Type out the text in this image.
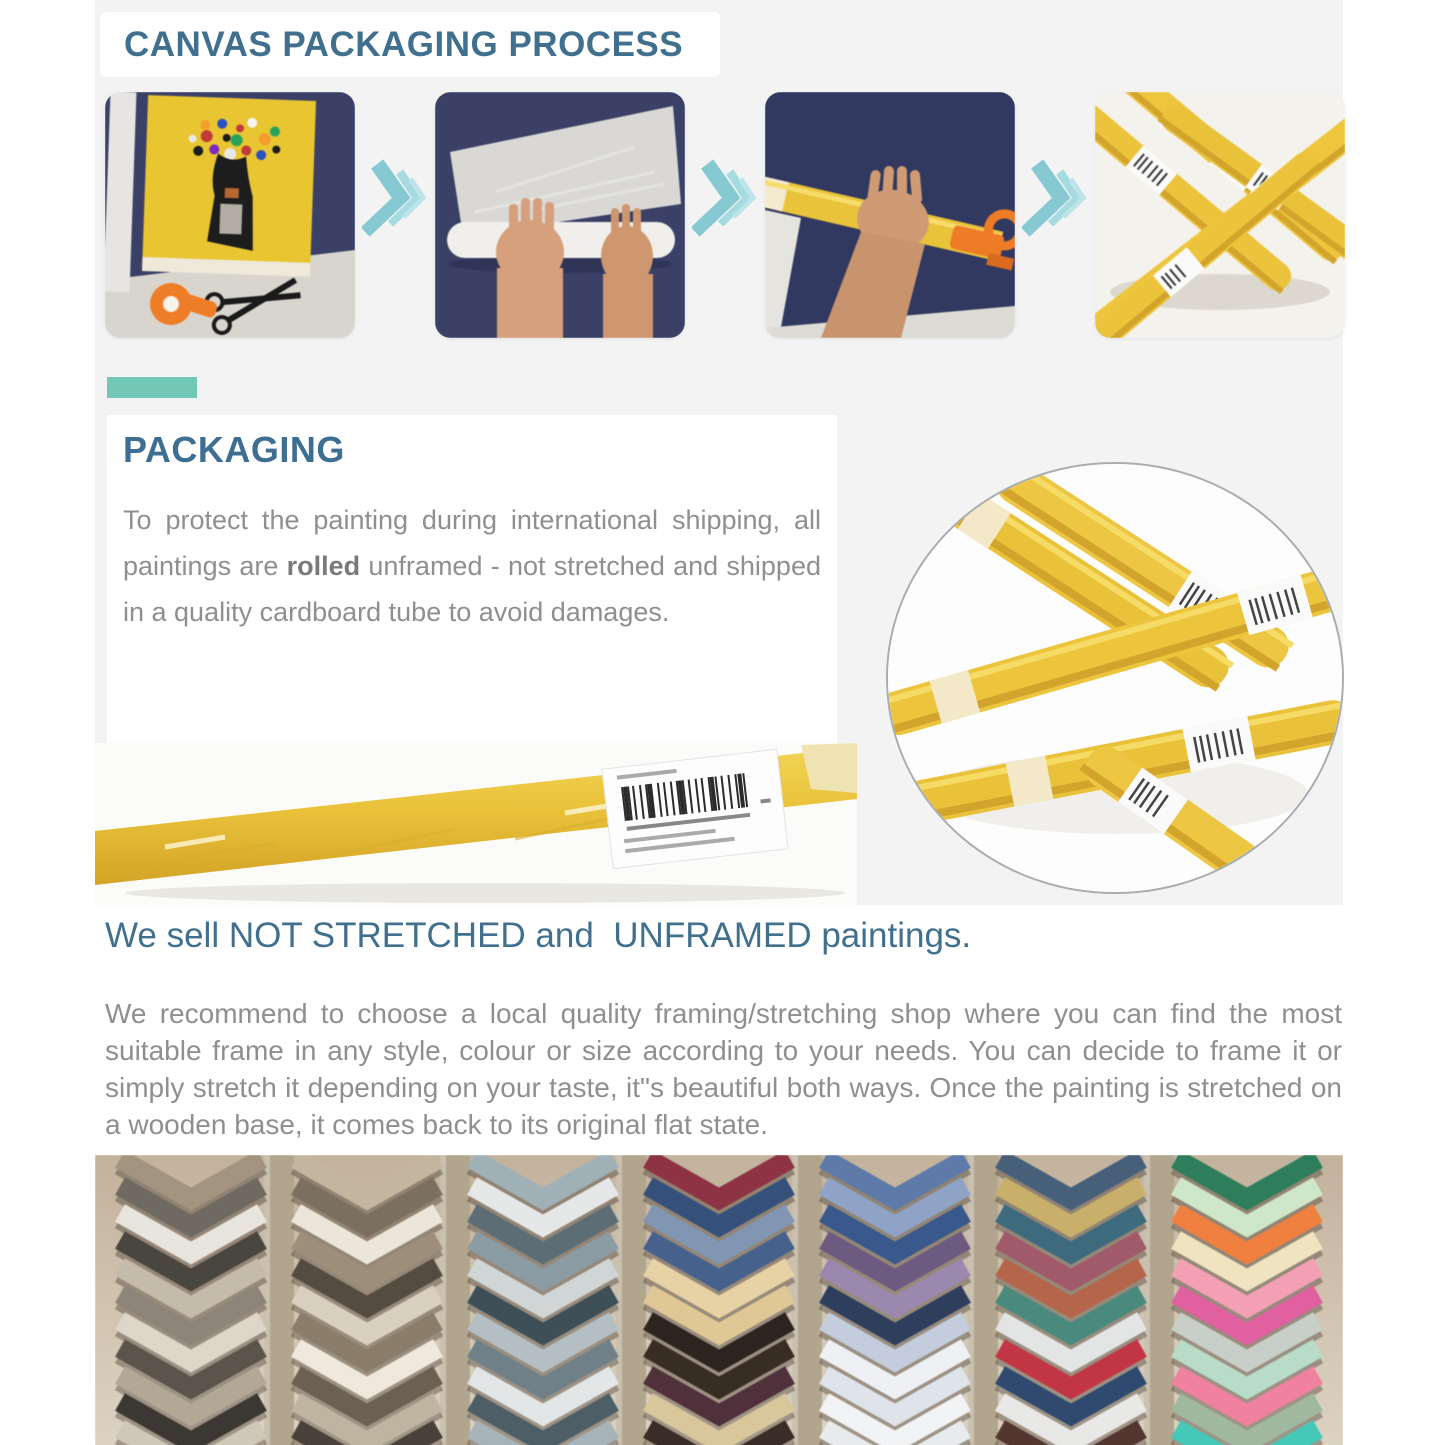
CANVAS PACKAGING PROCESS
PACKAGING

To protect the painting during international shipping, all paintings are rolled unframed - not stretched and shipped in a quality cardboard tube to avoid damages.

We sell NOT STRETCHED and  UNFRAMED paintings.

We recommend to choose a local quality framing/stretching shop where you can find the most suitable frame in any style, colour or size according to your needs. You can decide to frame it or simply stretch it depending on your taste, it"s beautiful both ways. Once the painting is stretched on a wooden base, it comes back to its original flat state.
